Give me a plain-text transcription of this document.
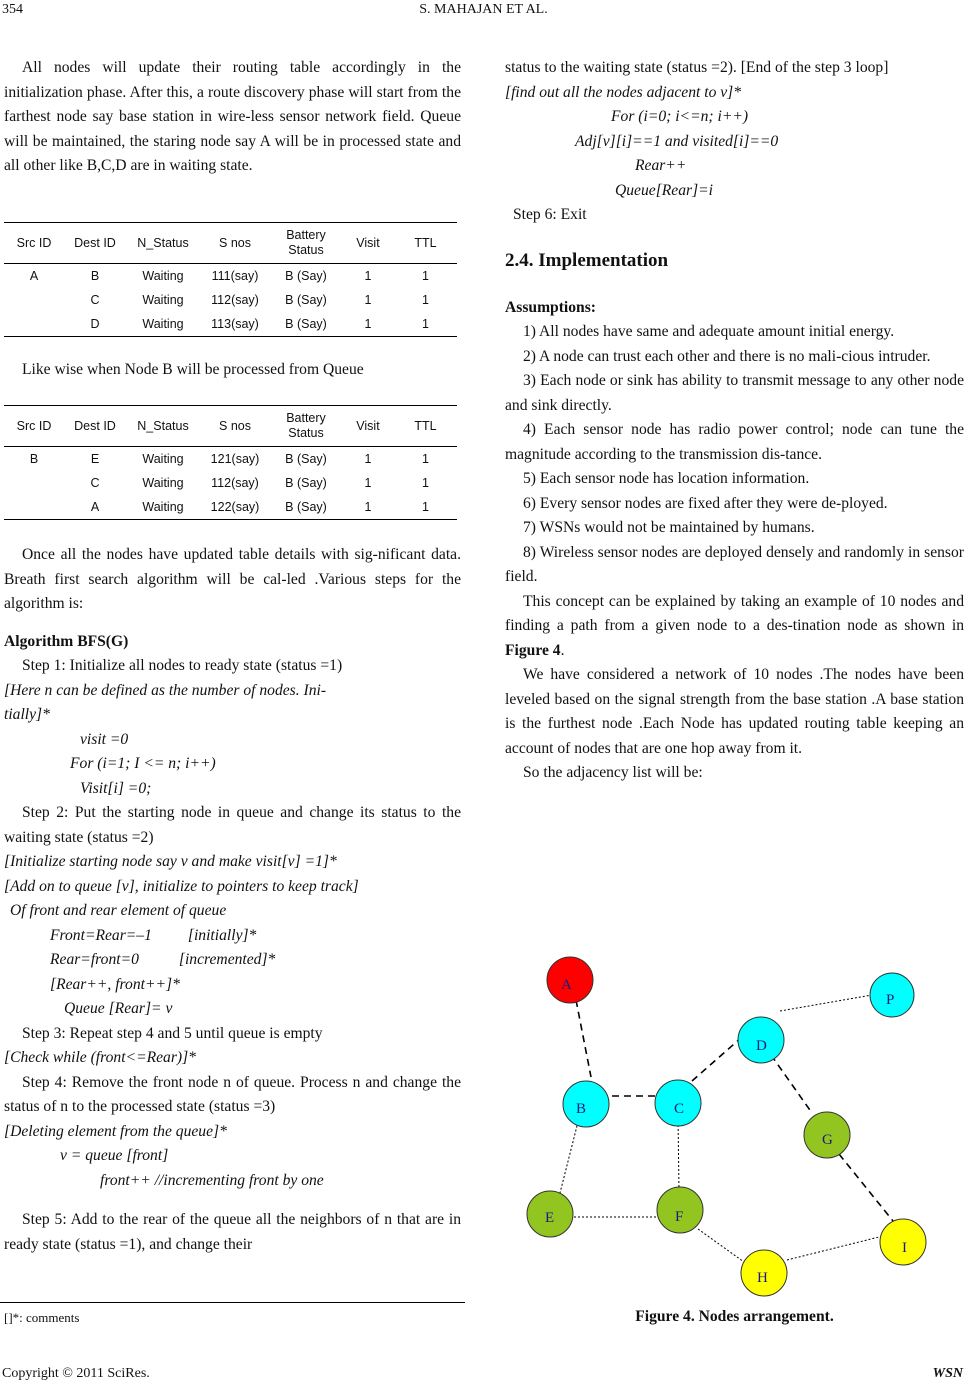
354	S. MAHAJAN ET AL.

All nodes will update their routing table accordingly in the initialization phase. After this, a route discovery phase will start from the farthest node say base station in wire-less sensor network field. Queue will be maintained, the staring node say A will be in processed state and all other like B,C,D are in waiting state.

Src ID	Dest ID	N_Status	S nos	Battery Status	Visit	TTL
A	B	Waiting	111(say)	B (Say)	1	1
	C	Waiting	112(say)	B (Say)	1	1
	D	Waiting	113(say)	B (Say)	1	1

Like wise when Node B will be processed from Queue

Src ID	Dest ID	N_Status	S nos	Battery Status	Visit	TTL
B	E	Waiting	121(say)	B (Say)	1	1
	C	Waiting	112(say)	B (Say)	1	1
	A	Waiting	122(say)	B (Say)	1	1

Once all the nodes have updated table details with sig-nificant data. Breath first search algorithm will be cal-led .Various steps for the algorithm is:

Algorithm BFS(G)

Step 1: Initialize all nodes to ready state (status =1)

[Here n can be defined as the number of nodes. Ini-

tially]*

visit =0

For (i=1; I <= n; i++)

Visit[i] =0;

Step 2: Put the starting node in queue and change its status to the waiting state (status =2)

[Initialize starting node say v and make visit[v] =1]*

[Add on to queue [v], initialize to pointers to keep track]

Of front and rear element of queue

Front=Rear=–1 [initially]*

Rear=front=0	[incremented]*

[Rear++, front++]*

Queue [Rear]= v

Step 3: Repeat step 4 and 5 until queue is empty

[Check while (front<=Rear)]*

Step 4: Remove the front node n of queue. Process n and change the status of n to the processed state (status =3)

[Deleting element from the queue]*

v = queue [front]

front++ //incrementing front by one

Step 5: Add to the rear of the queue all the neighbors of n that are in ready state (status =1), and change their

[]*: comments

status to the waiting state (status =2). [End of the step 3 loop]

[find out all the nodes adjacent to v]*

For (i=0; i<=n; i++)

Adj[v][i]==1 and visited[i]==0

Rear++

Queue[Rear]=i

Step 6: Exit

2.4. Implementation

Assumptions:

1) All nodes have same and adequate amount initial energy.

2) A node can trust each other and there is no mali-cious intruder.

3) Each node or sink has ability to transmit message to any other node and sink directly.

4) Each sensor node has radio power control; node can tune the magnitude according to the transmission dis-tance.

5) Each sensor node has location information.

6) Every sensor nodes are fixed after they were de-ployed.

7) WSNs would not be maintained by humans.

8) Wireless sensor nodes are deployed densely and randomly in sensor field.

This concept can be explained by taking an example of 10 nodes and finding a path from a given node to a des-tination node as shown in Figure 4.

We have considered a network of 10 nodes .The nodes have been leveled based on the signal strength from the base station .A base station is the furthest node .Each Node has updated routing table keeping an account of nodes that are one hop away from it.

So the adjacency list will be:

A
P
D
B	C
G
E	F
I
H
Figure 4. Nodes arrangement.
Copyright © 2011 SciRes.	WSN
